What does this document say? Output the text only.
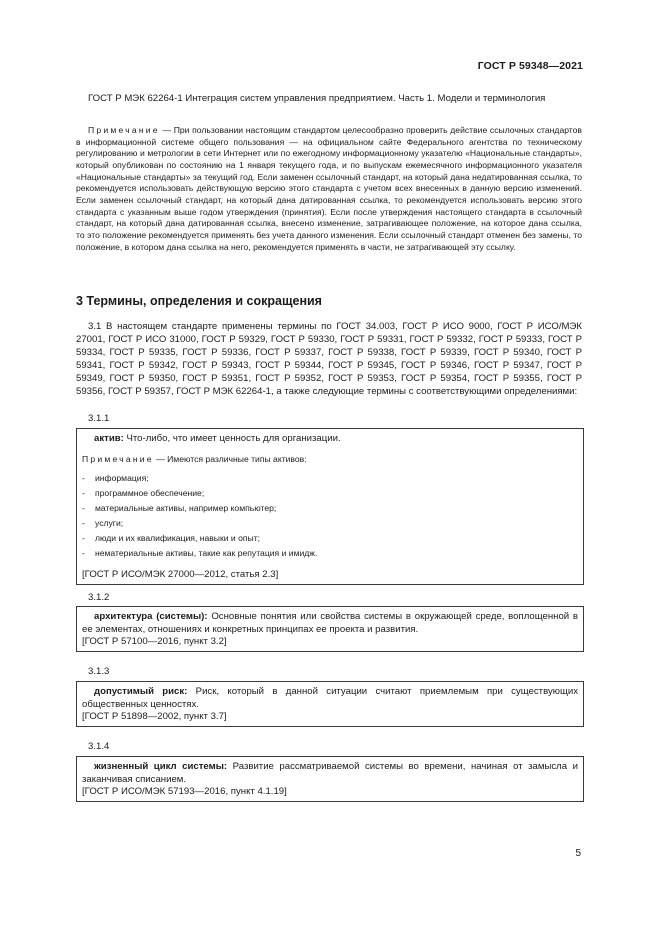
ГОСТ Р 59348—2021

ГОСТ Р МЭК 62264-1 Интеграция систем управления предприятием. Часть 1. Модели и терминология

Примечание — При пользовании настоящим стандартом целесообразно проверить действие ссылочных стандартов в информационной системе общего пользования — на официальном сайте Федерального агентства по техническому регулированию и метрологии в сети Интернет или по ежегодному информационному указателю «Национальные стандарты», который опубликован по состоянию на 1 января текущего года, и по выпускам ежемесячного информационного указателя «Национальные стандарты» за текущий год. Если заменен ссылочный стандарт, на который дана недатированная ссылка, то рекомендуется использовать действующую версию этого стандарта с учетом всех внесенных в данную версию изменений. Если заменен ссылочный стандарт, на который дана датированная ссылка, то рекомендуется использовать версию этого стандарта с указанным выше годом утверждения (принятия). Если после утверждения настоящего стандарта в ссылочный стандарт, на который дана датированная ссылка, внесено изменение, затрагивающее положение, на которое дана ссылка, то это положение рекомендуется применять без учета данного изменения. Если ссылочный стандарт отменен без замены, то положение, в котором дана ссылка на него, рекомендуется применять в части, не затрагивающей эту ссылку.

3 Термины, определения и сокращения

3.1 В настоящем стандарте применены термины по ГОСТ 34.003, ГОСТ Р ИСО 9000, ГОСТ Р ИСО/МЭК 27001, ГОСТ Р ИСО 31000, ГОСТ Р 59329, ГОСТ Р 59330, ГОСТ Р 59331, ГОСТ Р 59332, ГОСТ Р 59333, ГОСТ Р 59334, ГОСТ Р 59335, ГОСТ Р 59336, ГОСТ Р 59337, ГОСТ Р 59338, ГОСТ Р 59339, ГОСТ Р 59340, ГОСТ Р 59341, ГОСТ Р 59342, ГОСТ Р 59343, ГОСТ Р 59344, ГОСТ Р 59345, ГОСТ Р 59346, ГОСТ Р 59347, ГОСТ Р 59349, ГОСТ Р 59350, ГОСТ Р 59351, ГОСТ Р 59352, ГОСТ Р 59353, ГОСТ Р 59354, ГОСТ Р 59355, ГОСТ Р 59356, ГОСТ Р 59357, ГОСТ Р МЭК 62264-1, а также следующие термины с соответствующими определениями:

3.1.1
актив: Что-либо, что имеет ценность для организации.
Примечание — Имеются различные типы активов:
- информация;
- программное обеспечение;
- материальные активы, например компьютер;
- услуги;
- люди и их квалификация, навыки и опыт;
- нематериальные активы, такие как репутация и имидж.
[ГОСТ Р ИСО/МЭК 27000—2012, статья 2.3]
3.1.2
архитектура (системы): Основные понятия или свойства системы в окружающей среде, воплощенной в ее элементах, отношениях и конкретных принципах ее проекта и развития.
[ГОСТ Р 57100—2016, пункт 3.2]
3.1.3
допустимый риск: Риск, который в данной ситуации считают приемлемым при существующих общественных ценностях.
[ГОСТ Р 51898—2002, пункт 3.7]
3.1.4
жизненный цикл системы: Развитие рассматриваемой системы во времени, начиная от замысла и заканчивая списанием.
[ГОСТ Р ИСО/МЭК 57193—2016, пункт 4.1.19]
5
